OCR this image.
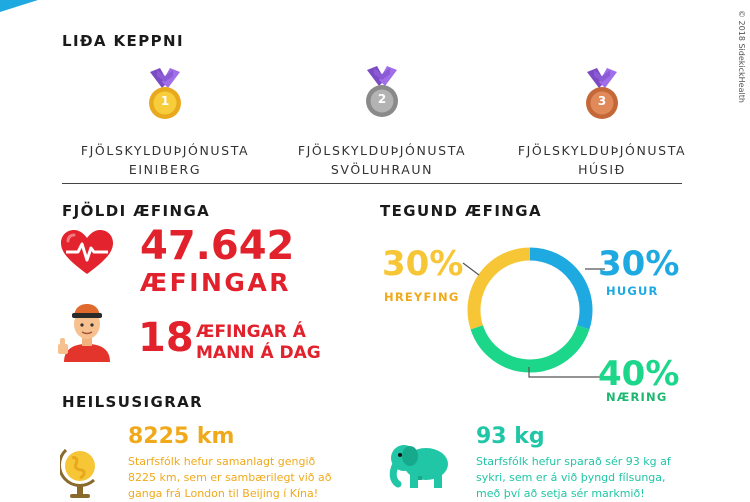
© 2018 SidekickHealth
LIÐA KEPPNI
1	2	3
FJÖLSKYLDUÞJÓNUSTA
EINIBERG
FJÖLSKYLDUÞJÓNUSTA
SVÖLUHRAUN
FJÖLSKYLDUÞJÓNUSTA
HÚSIÐ
FJÖLDI ÆFINGA
47.642
ÆFINGAR
18 ÆFINGAR Á
MANN Á DAG
TEGUND ÆFINGA
30%
HREYFING
30%
HUGUR
40%
NÆRING
HEILSUSIGRAR
8225 km
Starfsfólk hefur samanlagt gengið
8225 km, sem er sambærilegt við að
ganga frá London til Beijing í Kína!
93 kg
Starfsfólk hefur sparað sér 93 kg af
sykri, sem er á við þyngd fílsunga,
með því að setja sér markmið!
